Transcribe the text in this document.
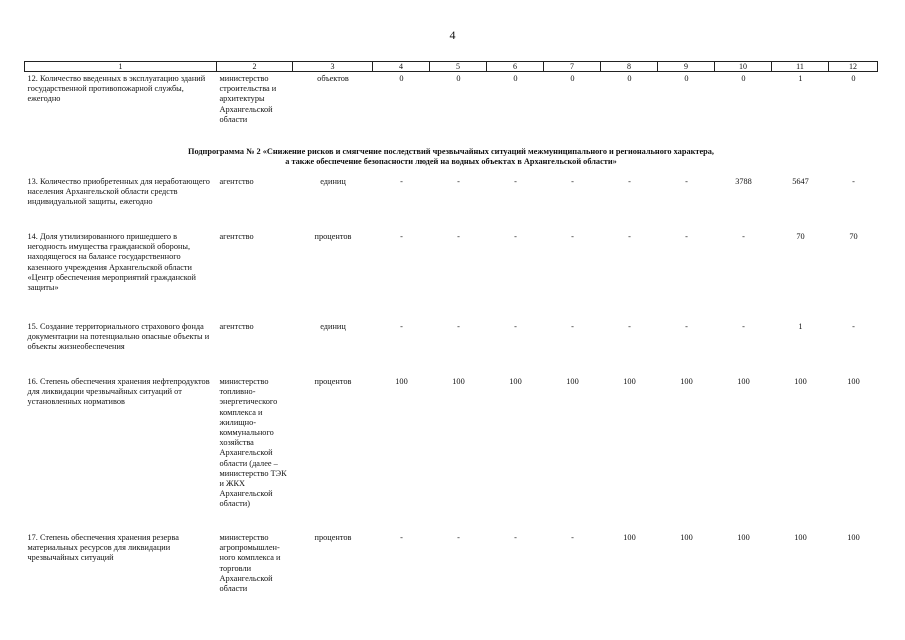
4
1	2	3	4	5	6	7	8	9	10	11	12
12. Количество введенных в эксплуатацию зданий государственной противопожарной службы, ежегодно	министерство строительства и архитектуры Архангельской области	объектов	0	0	0	0	0	0	0	1	0

Подпрограмма № 2 «Снижение рисков и смягчение последствий чрезвычайных ситуаций межмуниципального и регионального характера,
а также обеспечение безопасности людей на водных объектах в Архангельской области»											

13. Количество приобретенных для неработающего населения Архангельской области средств индивидуальной защиты, ежегодно	агентство	единиц	-	-	-	-	-	-	3788	5647	-
14. Доля утилизированного пришедшего в негодность имущества гражданской обороны, находящегося на балансе государственного казенного учреждения Архангельской области «Центр обеспечения мероприятий гражданской защиты»	агентство	процентов	-	-	-	-	-	-	-	70	70
15. Создание территориального страхового фонда документации на потенциально опасные объекты и объекты жизнеобеспечения	агентство	единиц	-	-	-	-	-	-	-	1	-
16. Степень обеспечения хранения нефтепродуктов для ликвидации чрезвычайных ситуаций от установленных нормативов	министерство топливно-энергетического комплекса и жилищно-коммунального хозяйства Архангельской области (далее – министерство ТЭК и ЖКХ Архангельской области)	процентов	100	100	100	100	100	100	100	100	100
17. Степень обеспечения хранения резерва материальных ресурсов для ликвидации чрезвычайных ситуаций	министерство агропромышлен-ного комплекса и торговли Архангельской области	процентов	-	-	-	-	100	100	100	100	100
